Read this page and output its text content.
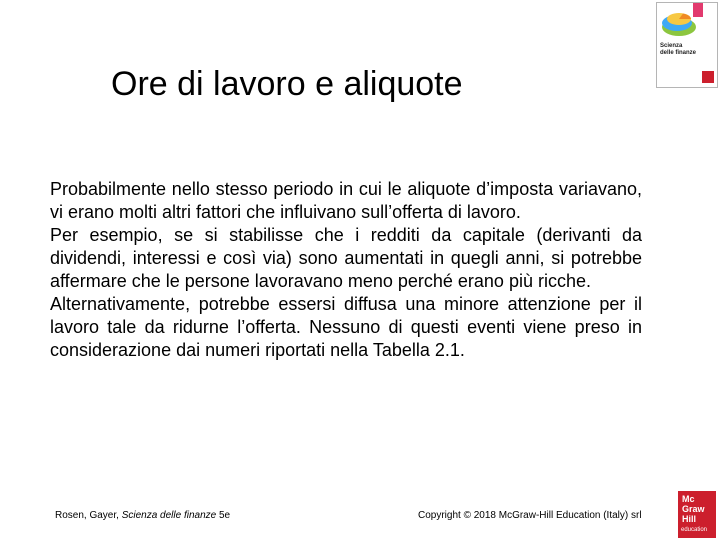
Ore di lavoro e aliquote

Probabilmente nello stesso periodo in cui le aliquote d’imposta variavano, vi erano molti altri fattori che influivano sull’offerta di lavoro.

Per esempio, se si stabilisse che i redditi da capitale (derivanti da dividendi, interessi e così via) sono aumentati in quegli anni, si potrebbe affermare che le persone lavoravano meno perché erano più ricche.

Alternativamente, potrebbe essersi diffusa una minore attenzione per il lavoro tale da ridurne l’offerta. Nessuno di questi eventi viene preso in considerazione dai numeri riportati nella Tabella 2.1.

Scienza
delle finanze
Rosen, Gayer, Scienza delle finanze 5e	Copyright © 2018 McGraw-Hill Education (Italy) srl
Mc
Graw
Hill
education
